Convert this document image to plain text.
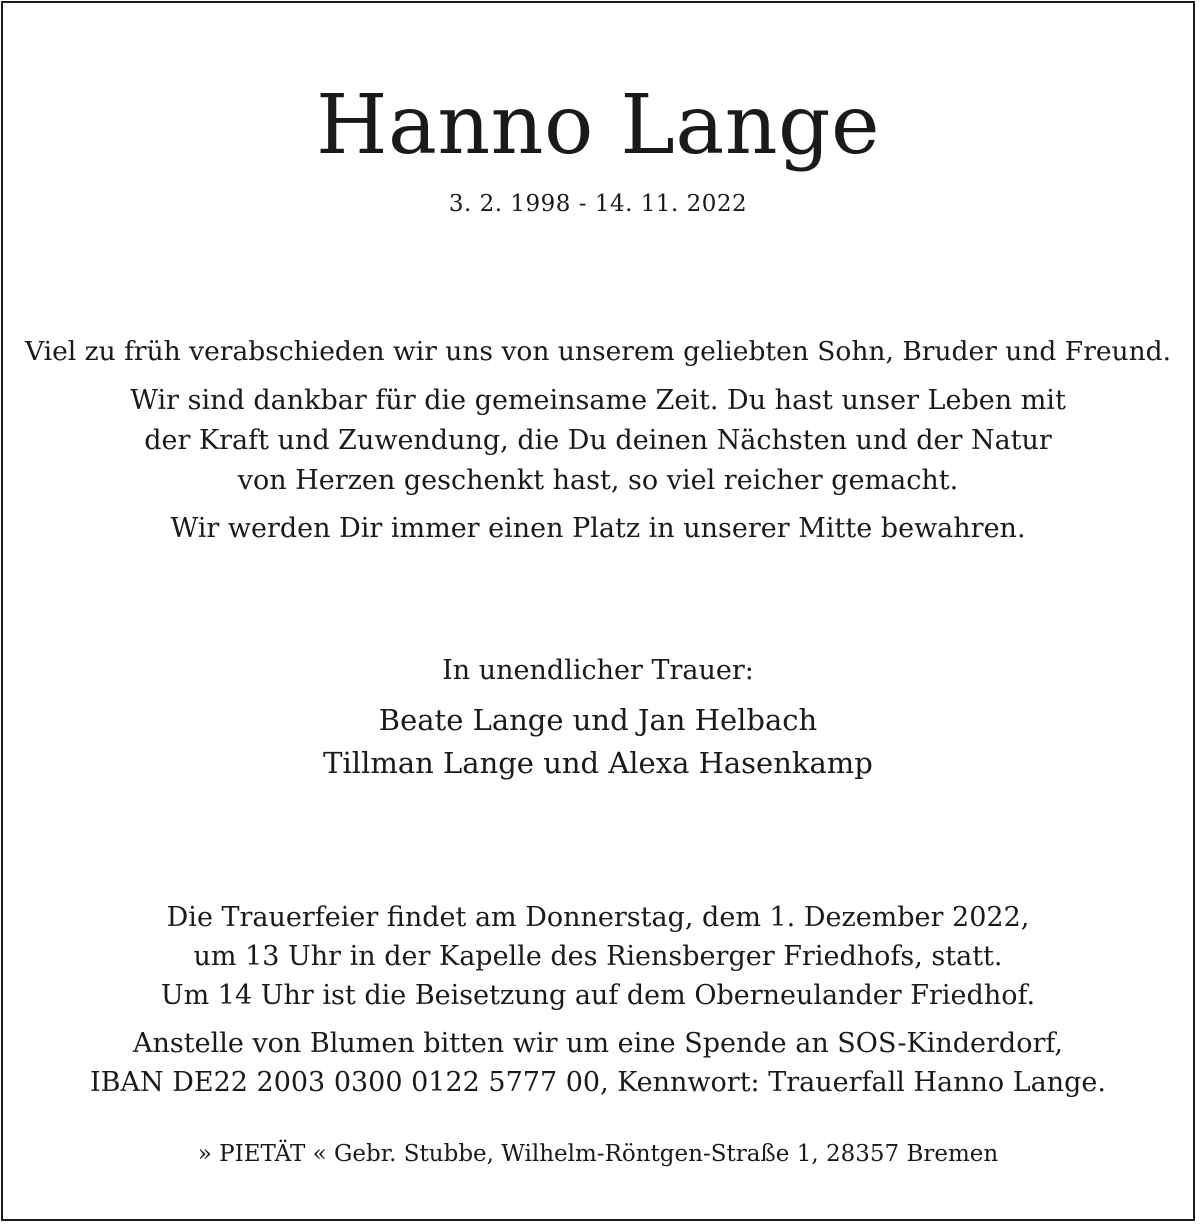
Hanno Lange
3. 2. 1998 - 14. 11. 2022
Viel zu früh verabschieden wir uns von unserem geliebten Sohn, Bruder und Freund.
Wir sind dankbar für die gemeinsame Zeit. Du hast unser Leben mit
der Kraft und Zuwendung, die Du deinen Nächsten und der Natur
von Herzen geschenkt hast, so viel reicher gemacht.
Wir werden Dir immer einen Platz in unserer Mitte bewahren.
In unendlicher Trauer:
Beate Lange und Jan Helbach
Tillman Lange und Alexa Hasenkamp
Die Trauerfeier findet am Donnerstag, dem 1. Dezember 2022,
um 13 Uhr in der Kapelle des Riensberger Friedhofs, statt.
Um 14 Uhr ist die Beisetzung auf dem Oberneulander Friedhof.
Anstelle von Blumen bitten wir um eine Spende an SOS-Kinderdorf,
IBAN DE22 2003 0300 0122 5777 00, Kennwort: Trauerfall Hanno Lange.
» PIETÄT « Gebr. Stubbe, Wilhelm-Röntgen-Straße 1, 28357 Bremen
